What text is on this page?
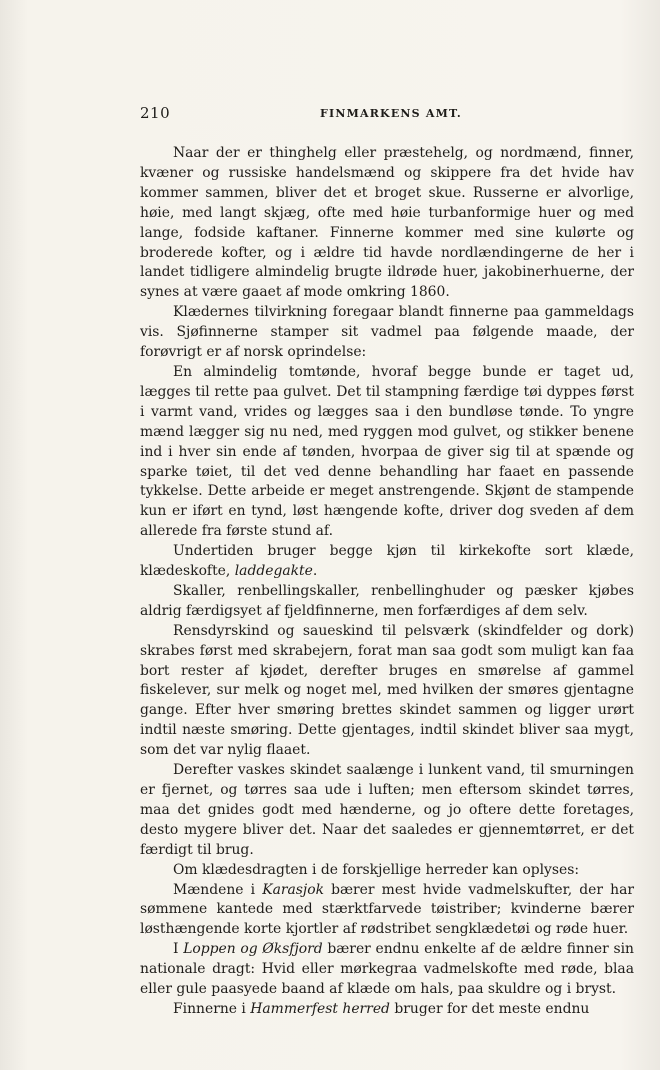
210	FINMARKENS AMT.

Naar der er thinghelg eller præstehelg, og nordmænd, finner, kvæner og russiske handelsmænd og skippere fra det hvide hav kommer sammen, bliver det et broget skue. Russerne er alvorlige, høie, med langt skjæg, ofte med høie turbanformige huer og med lange, fodside kaftaner. Finnerne kommer med sine kulørte og broderede kofter, og i ældre tid havde nordlændingerne de her i landet tidligere almindelig brugte ildrøde huer, jakobinerhuerne, der synes at være gaaet af mode omkring 1860.

Klædernes tilvirkning foregaar blandt finnerne paa gammeldags vis. Sjøfinnerne stamper sit vadmel paa følgende maade, der forøvrigt er af norsk oprindelse:

En almindelig tomtønde, hvoraf begge bunde er taget ud, lægges til rette paa gulvet. Det til stampning færdige tøi dyppes først i varmt vand, vrides og lægges saa i den bundløse tønde. To yngre mænd lægger sig nu ned, med ryggen mod gulvet, og stikker benene ind i hver sin ende af tønden, hvorpaa de giver sig til at spænde og sparke tøiet, til det ved denne behandling har faaet en passende tykkelse. Dette arbeide er meget anstrengende. Skjønt de stampende kun er iført en tynd, løst hængende kofte, driver dog sveden af dem allerede fra første stund af.

Undertiden bruger begge kjøn til kirkekofte sort klæde, klædeskofte, laddegakte.

Skaller, renbellingskaller, renbellinghuder og pæsker kjøbes aldrig færdigsyet af fjeldfinnerne, men forfærdiges af dem selv.

Rensdyrskind og saueskind til pelsværk (skindfelder og dork) skrabes først med skrabejern, forat man saa godt som muligt kan faa bort rester af kjødet, derefter bruges en smørelse af gammel fiskelever, sur melk og noget mel, med hvilken der smøres gjentagne gange. Efter hver smøring brettes skindet sammen og ligger urørt indtil næste smøring. Dette gjentages, indtil skindet bliver saa mygt, som det var nylig flaaet.

Derefter vaskes skindet saalænge i lunkent vand, til smurningen er fjernet, og tørres saa ude i luften; men eftersom skindet tørres, maa det gnides godt med hænderne, og jo oftere dette foretages, desto mygere bliver det. Naar det saaledes er gjennemtørret, er det færdigt til brug.

Om klædesdragten i de forskjellige herreder kan oplyses:

Mændene i Karasjok bærer mest hvide vadmelskufter, der har sømmene kantede med stærktfarvede tøistriber; kvinderne bærer løsthængende korte kjortler af rødstribet sengklædetøi og røde huer.

I Loppen og Øksfjord bærer endnu enkelte af de ældre finner sin nationale dragt: Hvid eller mørkegraa vadmelskofte med røde, blaa eller gule paasyede baand af klæde om hals, paa skuldre og i bryst.

Finnerne i Hammerfest herred bruger for det meste endnu
